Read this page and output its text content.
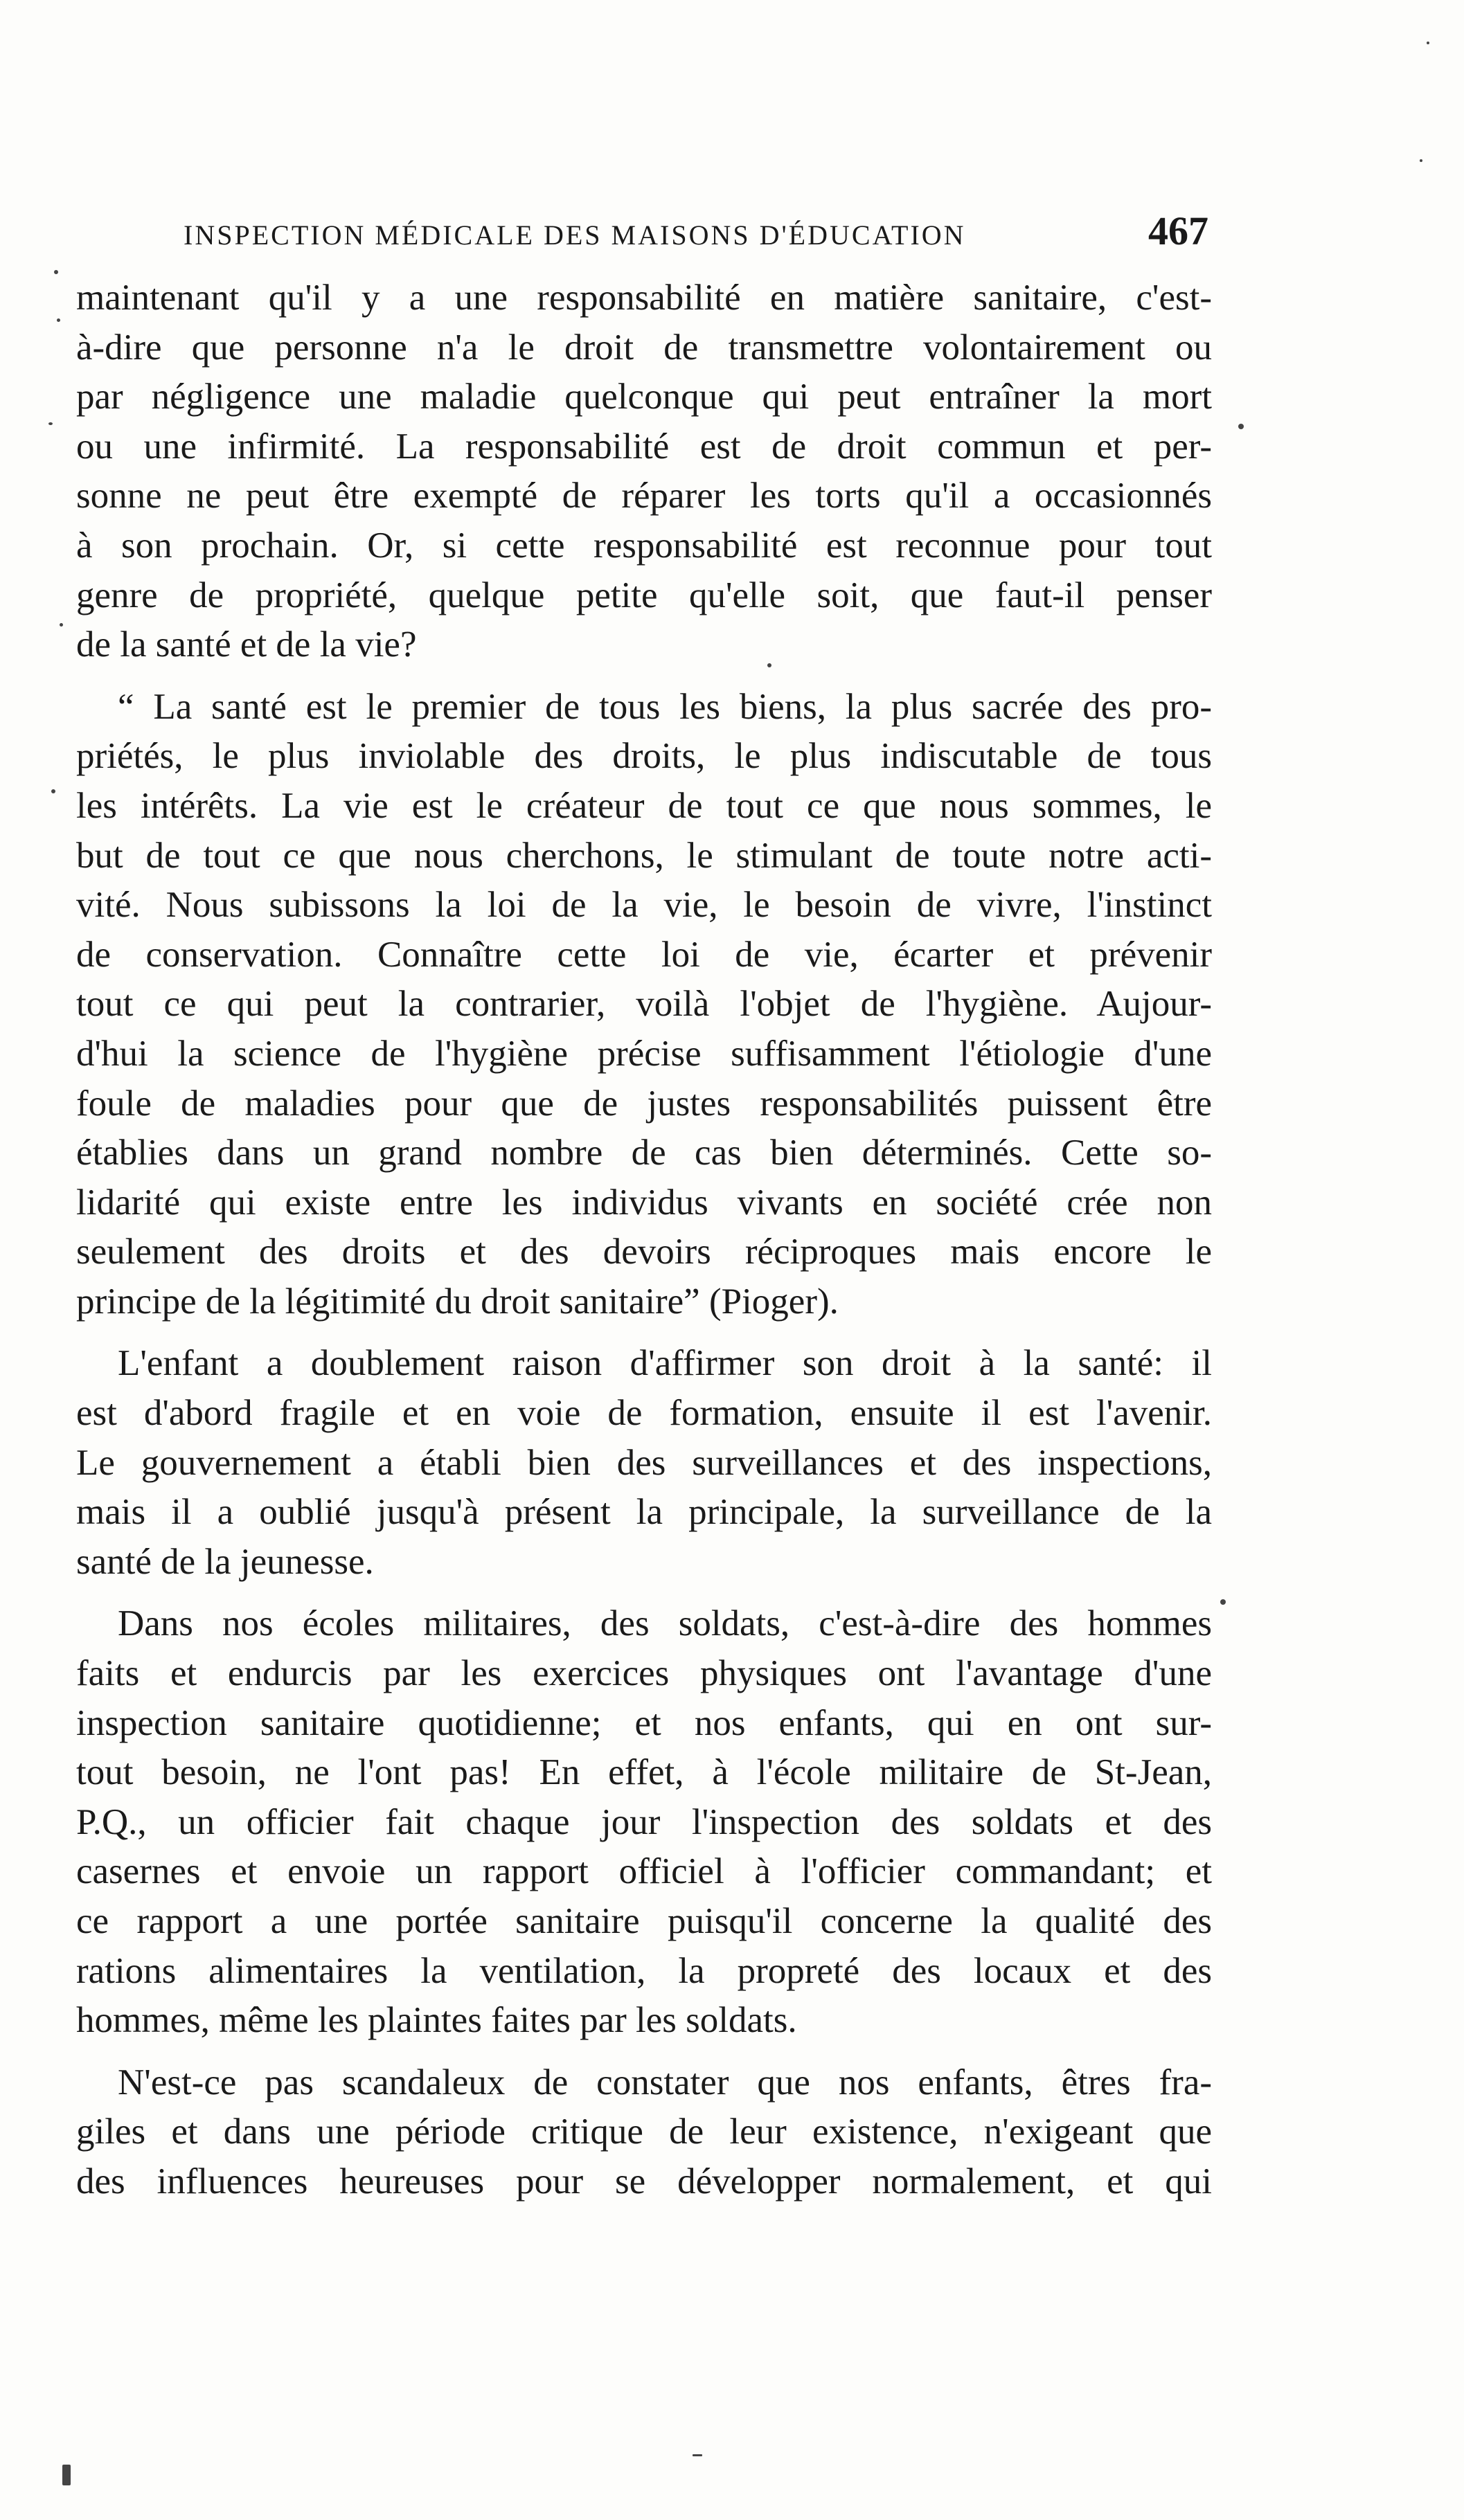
INSPECTION MÉDICALE DES MAISONS D'ÉDUCATION	467
maintenant qu'il y a une responsabilité en matière sanitaire, c'est-
à-dire que personne n'a le droit de transmettre volontairement ou
par négligence une maladie quelconque qui peut entraîner la mort
ou une infirmité. La responsabilité est de droit commun et per-
sonne ne peut être exempté de réparer les torts qu'il a occasionnés
à son prochain. Or, si cette responsabilité est reconnue pour tout
genre de propriété, quelque petite qu'elle soit, que faut-il penser
de la santé et de la vie?
“ La santé est le premier de tous les biens, la plus sacrée des pro-
priétés, le plus inviolable des droits, le plus indiscutable de tous
les intérêts. La vie est le créateur de tout ce que nous sommes, le
but de tout ce que nous cherchons, le stimulant de toute notre acti-
vité. Nous subissons la loi de la vie, le besoin de vivre, l'instinct
de conservation. Connaître cette loi de vie, écarter et prévenir
tout ce qui peut la contrarier, voilà l'objet de l'hygiène. Aujour-
d'hui la science de l'hygiène précise suffisamment l'étiologie d'une
foule de maladies pour que de justes responsabilités puissent être
établies dans un grand nombre de cas bien déterminés. Cette so-
lidarité qui existe entre les individus vivants en société crée non
seulement des droits et des devoirs réciproques mais encore le
principe de la légitimité du droit sanitaire” (Pioger).
L'enfant a doublement raison d'affirmer son droit à la santé: il
est d'abord fragile et en voie de formation, ensuite il est l'avenir.
Le gouvernement a établi bien des surveillances et des inspections,
mais il a oublié jusqu'à présent la principale, la surveillance de la
santé de la jeunesse.
Dans nos écoles militaires, des soldats, c'est-à-dire des hommes
faits et endurcis par les exercices physiques ont l'avantage d'une
inspection sanitaire quotidienne; et nos enfants, qui en ont sur-
tout besoin, ne l'ont pas! En effet, à l'école militaire de St-Jean,
P.Q., un officier fait chaque jour l'inspection des soldats et des
casernes et envoie un rapport officiel à l'officier commandant; et
ce rapport a une portée sanitaire puisqu'il concerne la qualité des
rations alimentaires la ventilation, la propreté des locaux et des
hommes, même les plaintes faites par les soldats.
N'est-ce pas scandaleux de constater que nos enfants, êtres fra-
giles et dans une période critique de leur existence, n'exigeant que
des influences heureuses pour se développer normalement, et qui
